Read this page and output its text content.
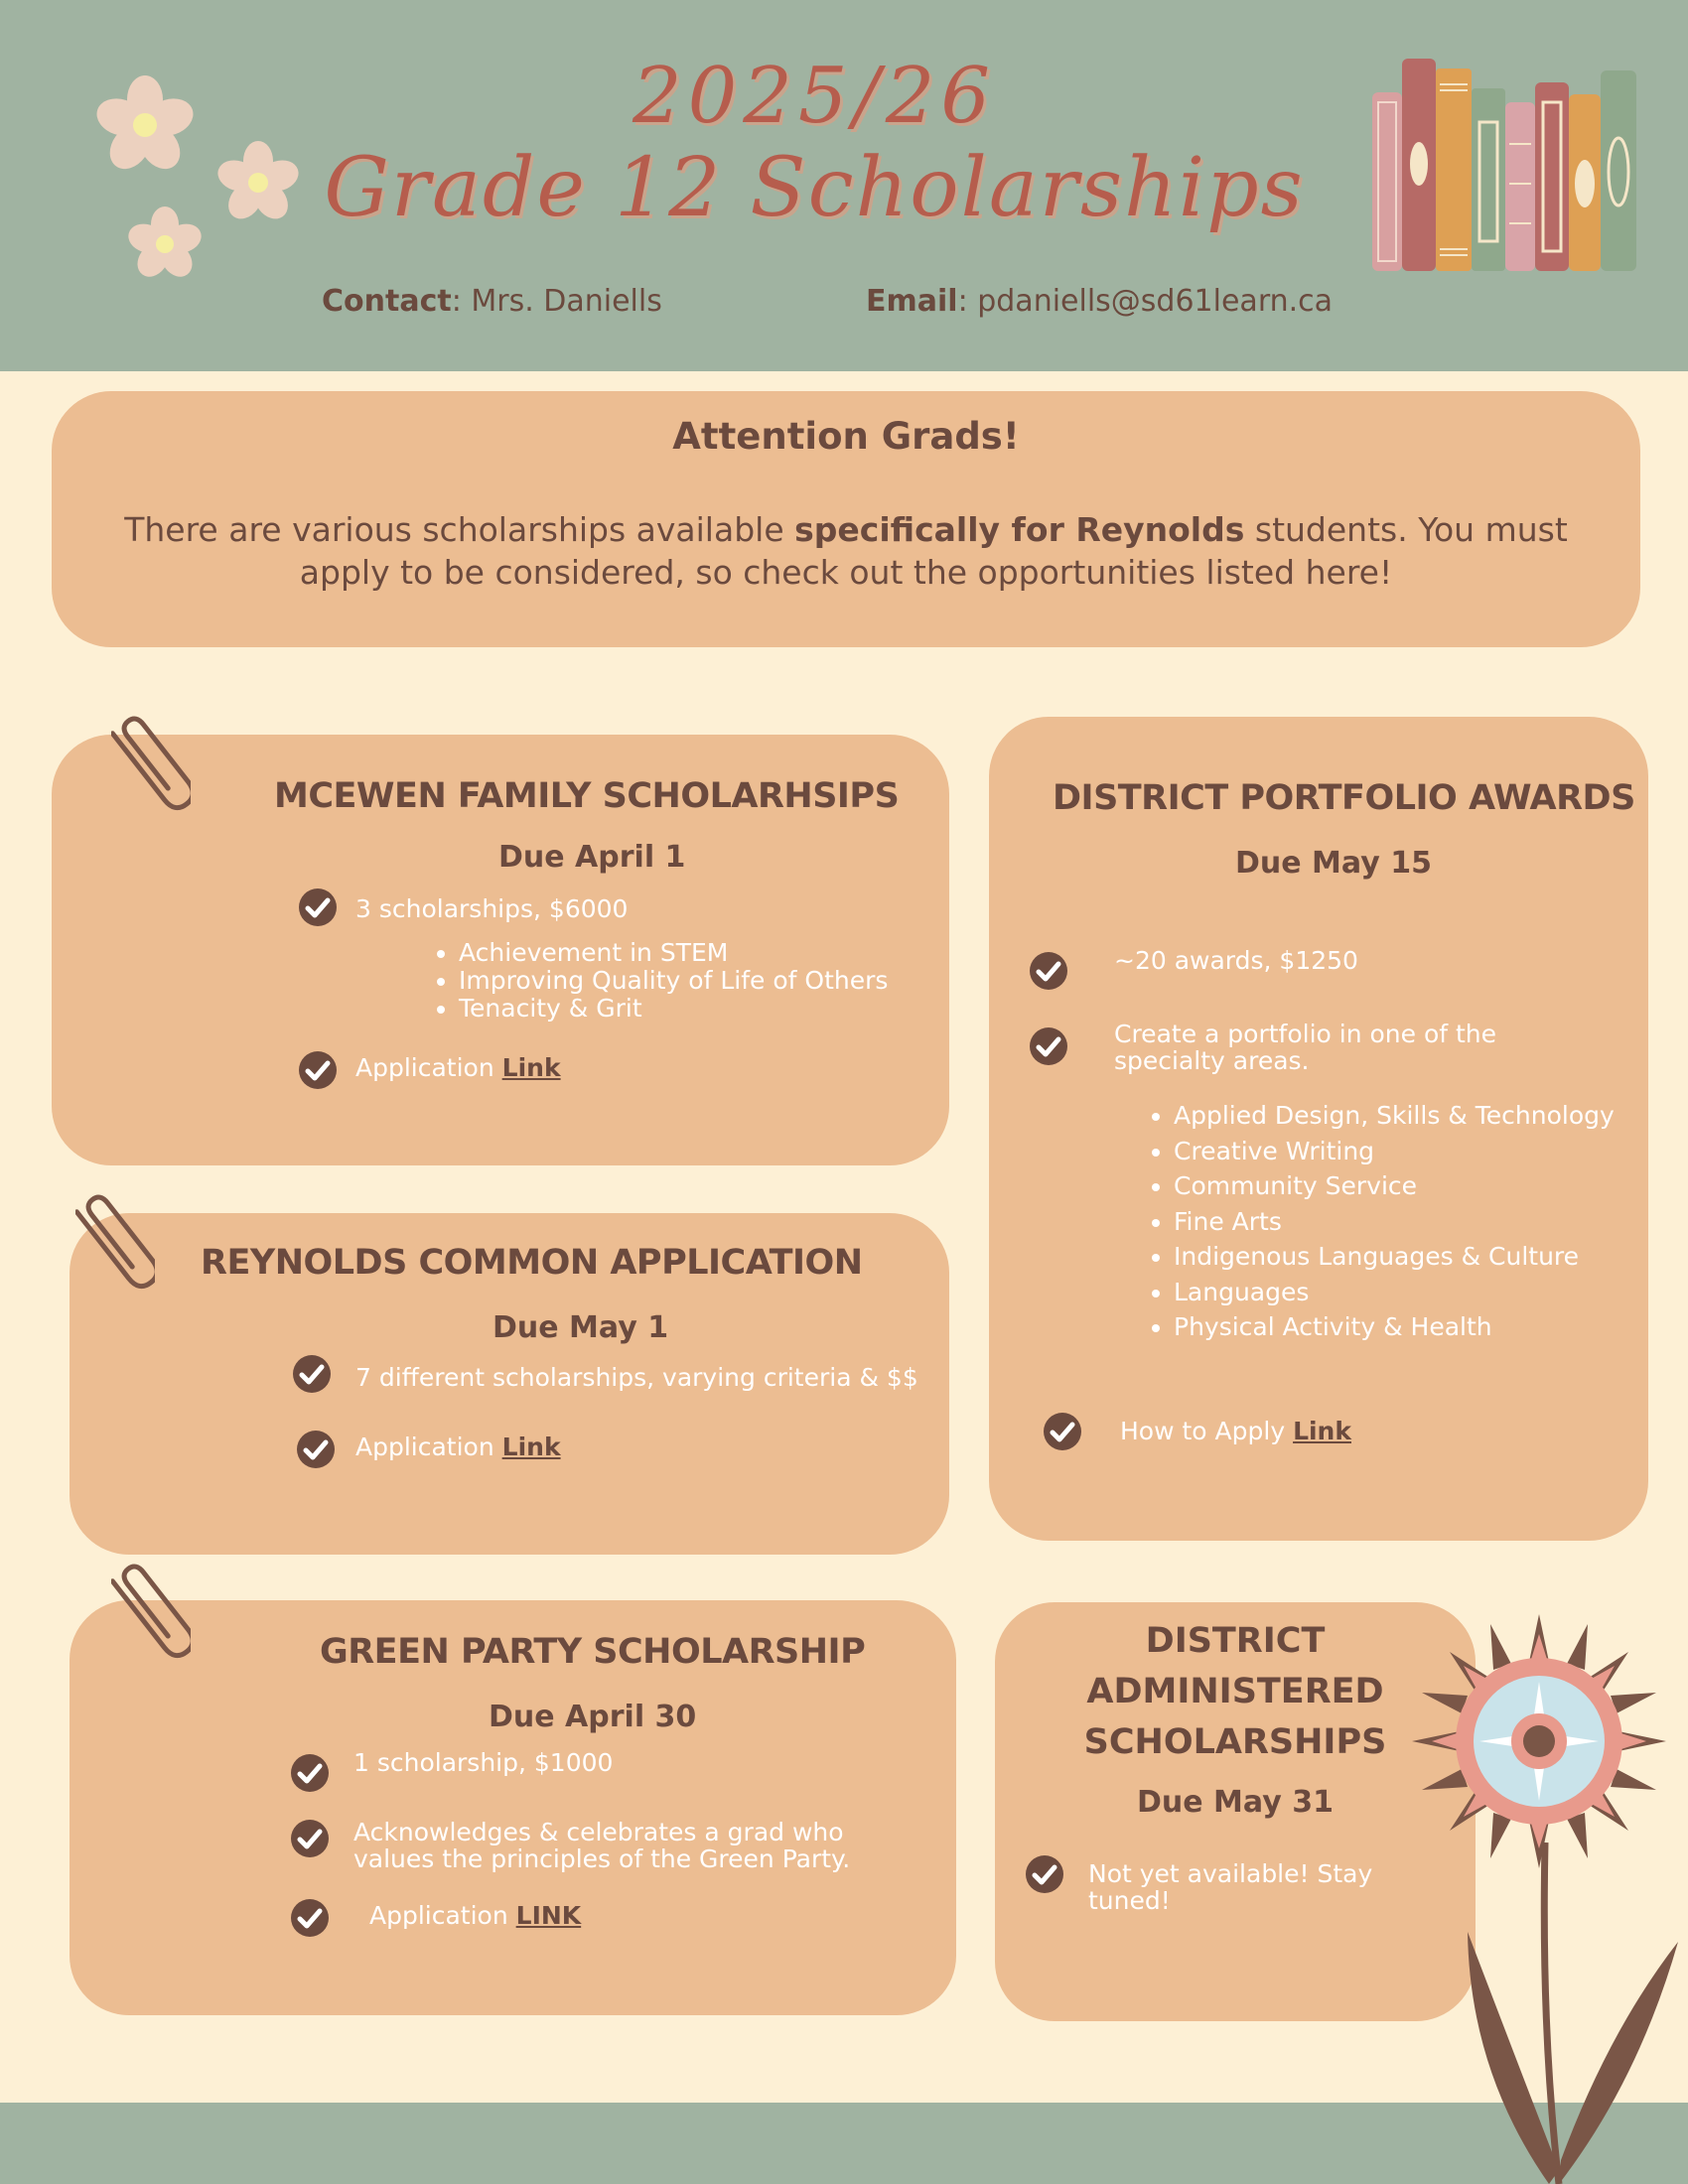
2025/26
Grade 12 Scholarships
Contact: Mrs. Daniells	Email: pdaniells@sd61learn.ca
Attention Grads!
There are various scholarships available specifically for Reynolds students. You must apply to be considered, so check out the opportunities listed here!
MCEWEN FAMILY SCHOLARHSIPS
Due April 1
3 scholarships, $6000
• Achievement in STEM
• Improving Quality of Life of Others
• Tenacity & Grit
Application Link
REYNOLDS COMMON APPLICATION
Due May 1
7 different scholarships, varying criteria & $$
Application Link
GREEN PARTY SCHOLARSHIP
Due April 30
1 scholarship, $1000
Acknowledges & celebrates a grad who values the principles of the Green Party.
Application LINK
DISTRICT PORTFOLIO AWARDS
Due May 15
~20 awards, $1250
Create a portfolio in one of the specialty areas.
• Applied Design, Skills & Technology
• Creative Writing
• Community Service
• Fine Arts
• Indigenous Languages & Culture
• Languages
• Physical Activity & Health
How to Apply Link
DISTRICT
ADMINISTERED
SCHOLARSHIPS
Due May 31
Not yet available! Stay tuned!
